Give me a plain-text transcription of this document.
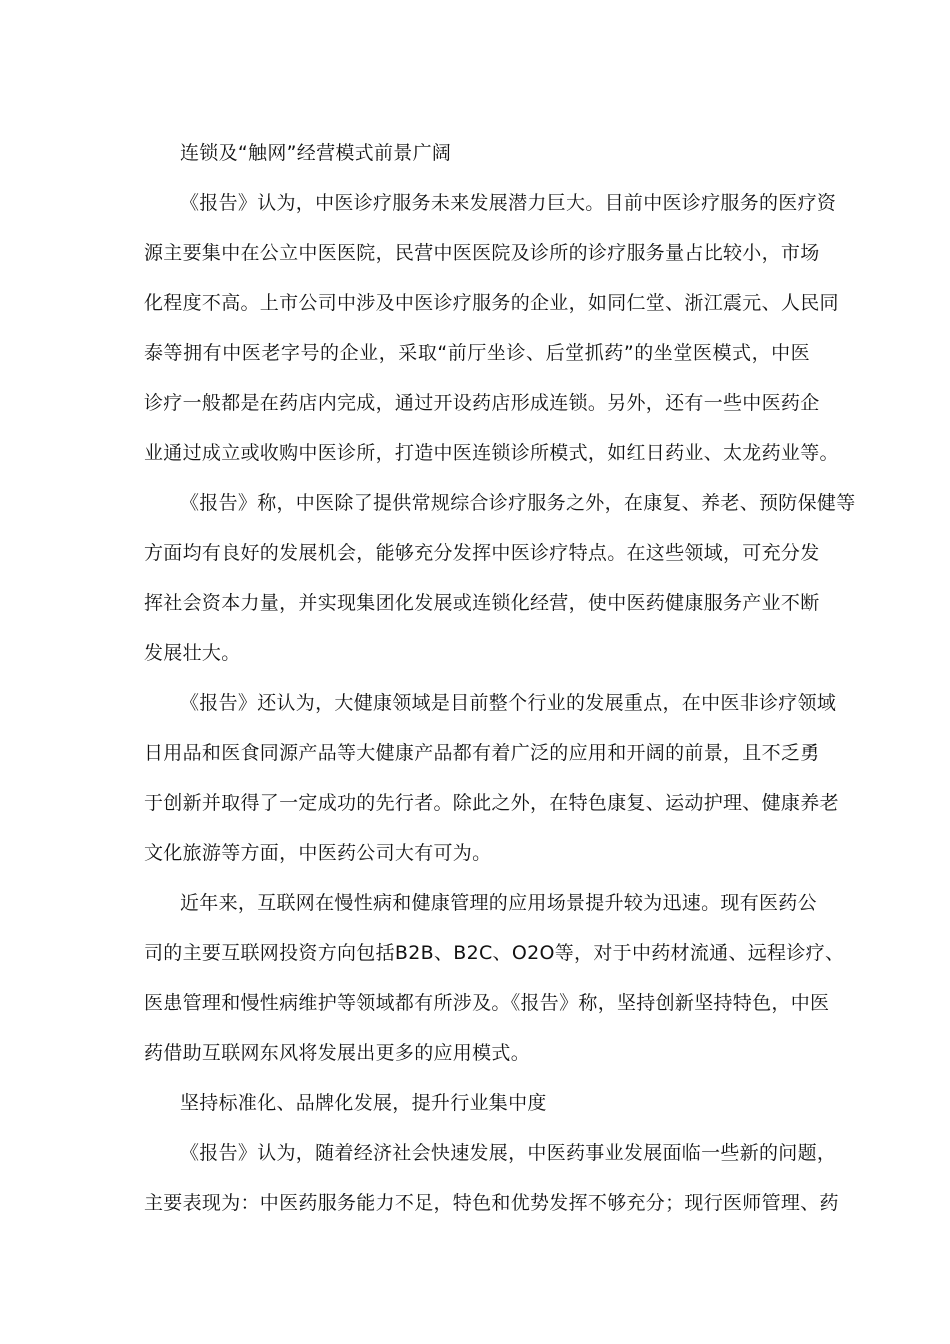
连锁及“触网”经营模式前景广阔
《报告》认为，中医诊疗服务未来发展潜力巨大。目前中医诊疗服务的医疗资
源主要集中在公立中医医院，民营中医医院及诊所的诊疗服务量占比较小，市场
化程度不高。上市公司中涉及中医诊疗服务的企业，如同仁堂、浙江震元、人民同
泰等拥有中医老字号的企业，采取“前厅坐诊、后堂抓药”的坐堂医模式，中医
诊疗一般都是在药店内完成，通过开设药店形成连锁。另外，还有一些中医药企
业通过成立或收购中医诊所，打造中医连锁诊所模式，如红日药业、太龙药业等。
《报告》称，中医除了提供常规综合诊疗服务之外，在康复、养老、预防保健等
方面均有良好的发展机会，能够充分发挥中医诊疗特点。在这些领域，可充分发
挥社会资本力量，并实现集团化发展或连锁化经营，使中医药健康服务产业不断
发展壮大。
《报告》还认为，大健康领域是目前整个行业的发展重点，在中医非诊疗领域
日用品和医食同源产品等大健康产品都有着广泛的应用和开阔的前景，且不乏勇
于创新并取得了一定成功的先行者。除此之外，在特色康复、运动护理、健康养老
文化旅游等方面，中医药公司大有可为。
近年来，互联网在慢性病和健康管理的应用场景提升较为迅速。现有医药公
司的主要互联网投资方向包括B2B、B2C、O2O等，对于中药材流通、远程诊疗、
医患管理和慢性病维护等领域都有所涉及。《报告》称，坚持创新坚持特色，中医
药借助互联网东风将发展出更多的应用模式。
坚持标准化、品牌化发展，提升行业集中度
《报告》认为，随着经济社会快速发展，中医药事业发展面临一些新的问题，
主要表现为：中医药服务能力不足，特色和优势发挥不够充分；现行医师管理、药
